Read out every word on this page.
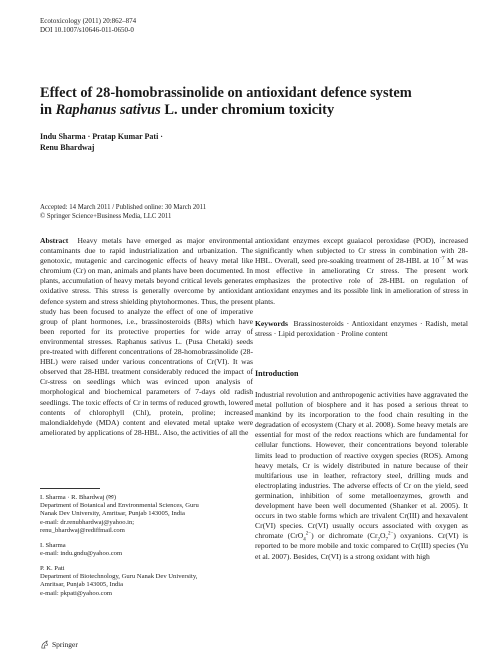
Ecotoxicology (2011) 20:862–874
DOI 10.1007/s10646-011-0650-0
Effect of 28-homobrassinolide on antioxidant defence system
in Raphanus sativus L. under chromium toxicity
Indu Sharma · Pratap Kumar Pati ·
Renu Bhardwaj
Accepted: 14 March 2011 / Published online: 30 March 2011
© Springer Science+Business Media, LLC 2011

Abstract Heavy metals have emerged as major environmental contaminants due to rapid industrialization and urbanization. The genotoxic, mutagenic and carcinogenic effects of heavy metal like chromium (Cr) on man, animals and plants have been documented. In plants, accumulation of heavy metals beyond critical levels generates oxidative stress. This stress is generally overcome by antioxidant defence system and stress shielding phytohormones. Thus, the present study has been focused to analyze the effect of one of imperative group of plant hormones, i.e., brassinosteroids (BRs) which have been reported for its protective properties for wide array of environmental stresses. Raphanus sativus L. (Pusa Chetaki) seeds pre-treated with different concentrations of 28-homobrassinolide (28-HBL) were raised under various concentrations of Cr(VI). It was observed that 28-HBL treatment considerably reduced the impact of Cr-stress on seedlings which was evinced upon analysis of morphological and biochemical parameters of 7-days old radish seedlings. The toxic effects of Cr in terms of reduced growth, lowered contents of chlorophyll (Chl), protein, proline; increased malondialdehyde (MDA) content and elevated metal uptake were ameliorated by applications of 28-HBL. Also, the activities of all the

antioxidant enzymes except guaiacol peroxidase (POD), increased significantly when subjected to Cr stress in combination with 28-HBL. Overall, seed pre-soaking treatment of 28-HBL at $10^{-7}$ M was most effective in ameliorating Cr stress. The present work emphasizes the protective role of 28-HBL on regulation of antioxidant enzymes and its possible link in amelioration of stress in plants.

Keywords Brassinosteroids · Antioxidant enzymes · Radish, metal stress · Lipid peroxidation · Proline content

Introduction

Industrial revolution and anthropogenic activities have aggravated the metal pollution of biosphere and it has posed a serious threat to mankind by its incorporation to the food chain resulting in the degradation of ecosystem (Chary et al. 2008). Some heavy metals are essential for most of the redox reactions which are fundamental for cellular functions. However, their concentrations beyond tolerable limits lead to production of reactive oxygen species (ROS). Among heavy metals, Cr is widely distributed in nature because of their multifarious use in leather, refractory steel, drilling muds and electroplating industries. The adverse effects of Cr on the yield, seed germination, inhibition of some metalloenzymes, growth and development have been well documented (Shanker et al. 2005). It occurs in two stable forms which are trivalent Cr(III) and hexavalent Cr(VI) species. Cr(VI) usually occurs associated with oxygen as chromate (CrO$_4^{2-}$) or dichromate $(Cr_2O_7^{2-})$ oxyanions. Cr(VI) is reported to be more mobile and toxic compared to Cr(III) species (Yu et al. 2007). Besides, Cr(VI) is a strong oxidant with high

I. Sharma · R. Bhardwaj (✉)
Department of Botanical and Environmental Sciences, Guru
Nanak Dev University, Amritsar, Punjab 143005, India
e-mail: dr.renubhardwaj@yahoo.in;
renu_bhardwaj@rediffmail.com
I. Sharma
e-mail: indu.gndu@yahoo.com
P. K. Pati
Department of Biotechnology, Guru Nanak Dev University,
Amritsar, Punjab 143005, India
e-mail: pkpati@yahoo.com
Springer
